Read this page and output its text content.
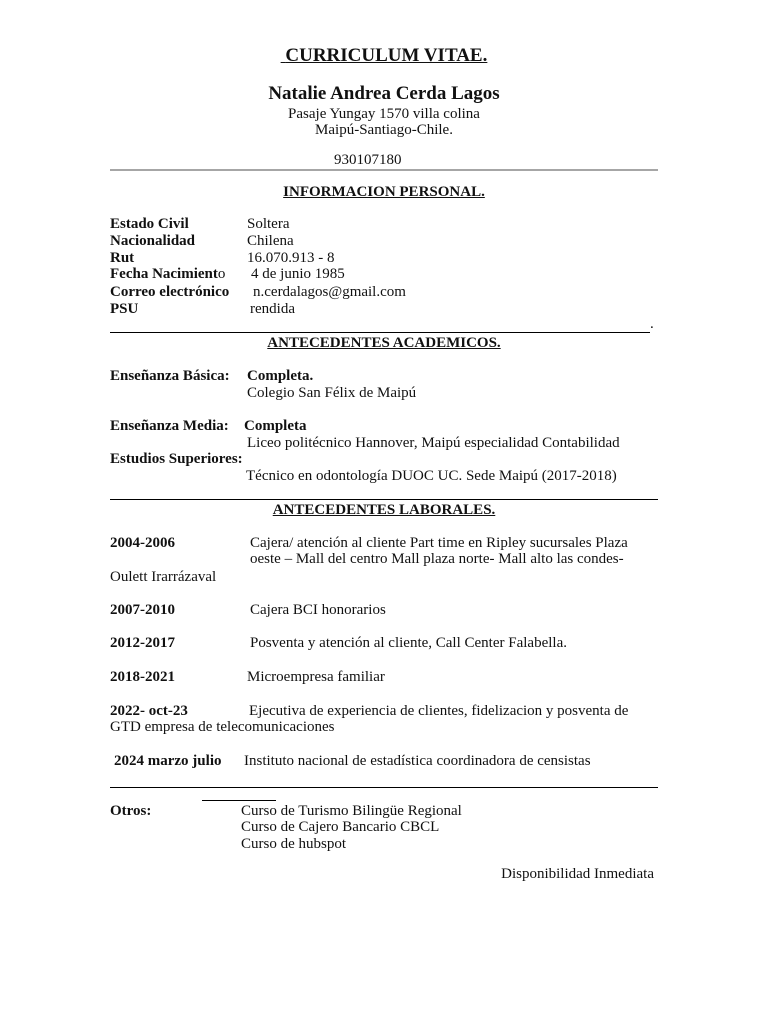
CURRICULUM VITAE.
Natalie Andrea Cerda Lagos
Pasaje Yungay 1570 villa colina
Maipú-Santiago-Chile.
930107180
INFORMACION PERSONAL.
Estado Civil	Soltera
Nacionalidad	Chilena
Rut	16.070.913 - 8
Fecha Nacimiento 4 de junio 1985
Correo electrónico n.cerdalagos@gmail.com
PSU	rendida
.
ANTECEDENTES ACADEMICOS.
Enseñanza Básica: Completa.
Colegio San Félix de Maipú
Enseñanza Media: Completa
Liceo politécnico Hannover, Maipú especialidad Contabilidad
Estudios Superiores:
Técnico en odontología DUOC UC. Sede Maipú (2017-2018)
ANTECEDENTES LABORALES.
2004-2006	Cajera/ atención al cliente Part time en Ripley sucursales Plaza
oeste – Mall del centro Mall plaza norte- Mall alto las condes-
Oulett Irarrázaval
2007-2010	Cajera BCI honorarios
2012-2017	Posventa y atención al cliente, Call Center Falabella.
2018-2021	Microempresa familiar
2022- oct-23	Ejecutiva de experiencia de clientes, fidelizacion y posventa de
GTD empresa de telecomunicaciones
2024 marzo julio Instituto nacional de estadística coordinadora de censistas
Otros:	Curso de Turismo Bilingüe Regional
Curso de Cajero Bancario CBCL
Curso de hubspot
Disponibilidad Inmediata
